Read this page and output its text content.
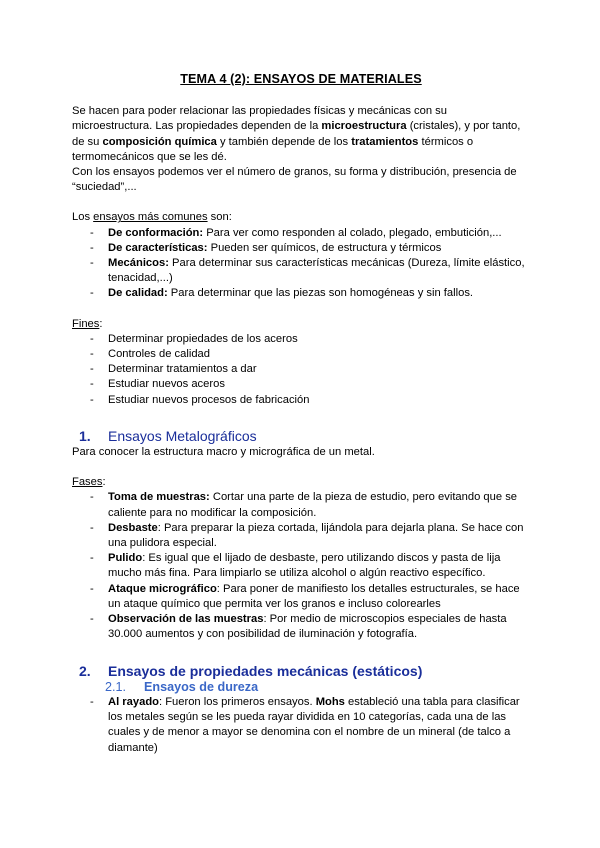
TEMA 4 (2): ENSAYOS DE MATERIALES

Se hacen para poder relacionar las propiedades físicas y mecánicas con su microestructura. Las propiedades dependen de la microestructura (cristales), y por tanto, de su composición química y también depende de los tratamientos térmicos o termomecánicos que se les dé.

Con los ensayos podemos ver el número de granos, su forma y distribución, presencia de “suciedad”,...

Los ensayos más comunes son:

- De conformación: Para ver como responden al colado, plegado, embutición,...
- De características: Pueden ser químicos, de estructura y térmicos
- Mecánicos: Para determinar sus características mecánicas (Dureza, límite elástico, tenacidad,...)
- De calidad: Para determinar que las piezas son homogéneas y sin fallos.

Fines:

- Determinar propiedades de los aceros
- Controles de calidad
- Determinar tratamientos a dar
- Estudiar nuevos aceros
- Estudiar nuevos procesos de fabricación
1.	Ensayos Metalográficos

Para conocer la estructura macro y micrográfica de un metal.

Fases:

- Toma de muestras: Cortar una parte de la pieza de estudio, pero evitando que se caliente para no modificar la composición.
- Desbaste: Para preparar la pieza cortada, lijándola para dejarla plana. Se hace con una pulidora especial.
- Pulido: Es igual que el lijado de desbaste, pero utilizando discos y pasta de lija mucho más fina. Para limpiarlo se utiliza alcohol o algún reactivo específico.
- Ataque micrográfico: Para poner de manifiesto los detalles estructurales, se hace un ataque químico que permita ver los granos e incluso colorearles
- Observación de las muestras: Por medio de microscopios especiales de hasta 30.000 aumentos y con posibilidad de iluminación y fotografía.
2.	Ensayos de propiedades mecánicas (estáticos)
2.1.	Ensayos de dureza
- Al rayado: Fueron los primeros ensayos. Mohs estableció una tabla para clasificar los metales según se les pueda rayar dividida en 10 categorías, cada una de las cuales y de menor a mayor se denomina con el nombre de un mineral (de talco a diamante)
